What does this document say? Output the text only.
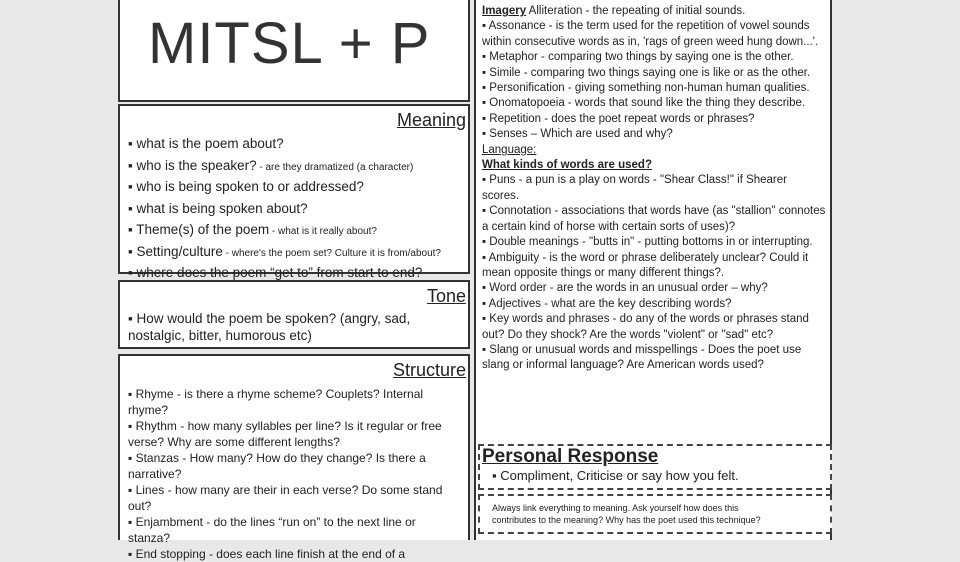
MITSL + P
Meaning
▪ what is the poem about?
▪ who is the speaker? - are they dramatized (a character)
▪ who is being spoken to or addressed?
▪ what is being spoken about?
▪ Theme(s) of the poem - what is it really about?
▪ Setting/culture - where's the poem set? Culture it is from/about?
▪ where does the poem “get to” from start to end?
Tone

▪ How would the poem be spoken? (angry, sad, nostalgic, bitter, humorous etc)

Structure
▪ Rhyme - is there a rhyme scheme? Couplets? Internal rhyme?
▪ Rhythm - how many syllables per line? Is it regular or free verse? Why are some different lengths?
▪ Stanzas - How many? How do they change? Is there a narrative?
▪ Lines - how many are their in each verse? Do some stand out?
▪ Enjambment - do the lines “run on” to the next line or stanza?
▪ End stopping - does each line finish at the end of a
Imagery Alliteration - the repeating of initial sounds.
▪ Assonance - is the term used for the repetition of vowel sounds within consecutive words as in, 'rags of green weed hung down...'.
▪ Metaphor - comparing two things by saying one is the other.
▪ Simile - comparing two things saying one is like or as the other.
▪ Personification - giving something non-human human qualities.
▪ Onomatopoeia - words that sound like the thing they describe.
▪ Repetition - does the poet repeat words or phrases?
▪ Senses – Which are used and why?
Language:
What kinds of words are used?
▪ Puns - a pun is a play on words - "Shear Class!" if Shearer scores.
▪ Connotation - associations that words have (as "stallion" connotes a certain kind of horse with certain sorts of uses)?
▪ Double meanings - "butts in" - putting bottoms in or interrupting.
▪ Ambiguity - is the word or phrase deliberately unclear? Could it mean opposite things or many different things?.
▪ Word order - are the words in an unusual order – why?
▪ Adjectives - what are the key describing words?
▪ Key words and phrases - do any of the words or phrases stand out? Do they shock? Are the words "violent" or "sad" etc?
▪ Slang or unusual words and misspellings - Does the poet use slang or informal language? Are American words used?
Personal Response
▪ Compliment, Criticise or say how you felt.
Always link everything to meaning. Ask yourself how does this
contributes to the meaning? Why has the poet used this technique?
